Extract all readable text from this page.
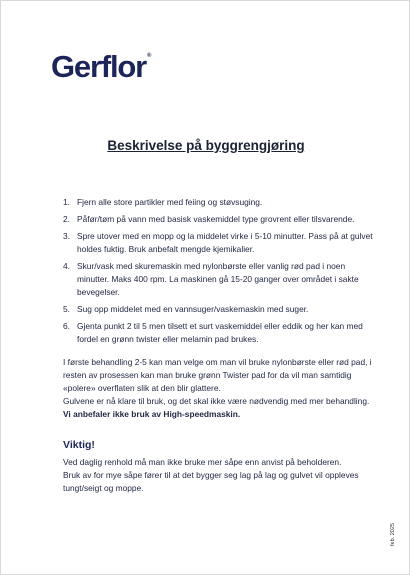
Gerflor®
Beskrivelse på byggrengjøring
1. Fjern alle store partikler med feiing og støvsuging.
2. Påfør/tøm på vann med basisk vaskemiddel type grovrent eller tilsvarende.
3. Spre utover med en mopp og la middelet virke i 5-10 minutter. Pass på at gulvet holdes fuktig. Bruk anbefalt mengde kjemikalier.
4. Skur/vask med skuremaskin med nylonbørste eller vanlig rød pad i noen minutter. Maks 400 rpm. La maskinen gå 15-20 ganger over området i sakte bevegelser.
5. Sug opp middelet med en vannsuger/vaskemaskin med suger.
6. Gjenta punkt 2 til 5 men tilsett et surt vaskemiddel eller eddik og her kan med fordel en grønn twister eller melamin pad brukes.
I første behandling 2-5 kan man velge om man vil bruke nylonbørste eller rød pad, i resten av prosessen kan man bruke grønn Twister pad for da vil man samtidig «polere» overflaten slik at den blir glattere.
Gulvene er nå klare til bruk, og det skal ikke være nødvendig med mer behandling.
Vi anbefaler ikke bruk av High-speedmaskin.
Viktig!
Ved daglig renhold må man ikke bruke mer såpe enn anvist på beholderen.
Bruk av for mye såpe fører til at det bygger seg lag på lag og gulvet vil oppleves tungt/seigt og moppe.
feb. 2025
